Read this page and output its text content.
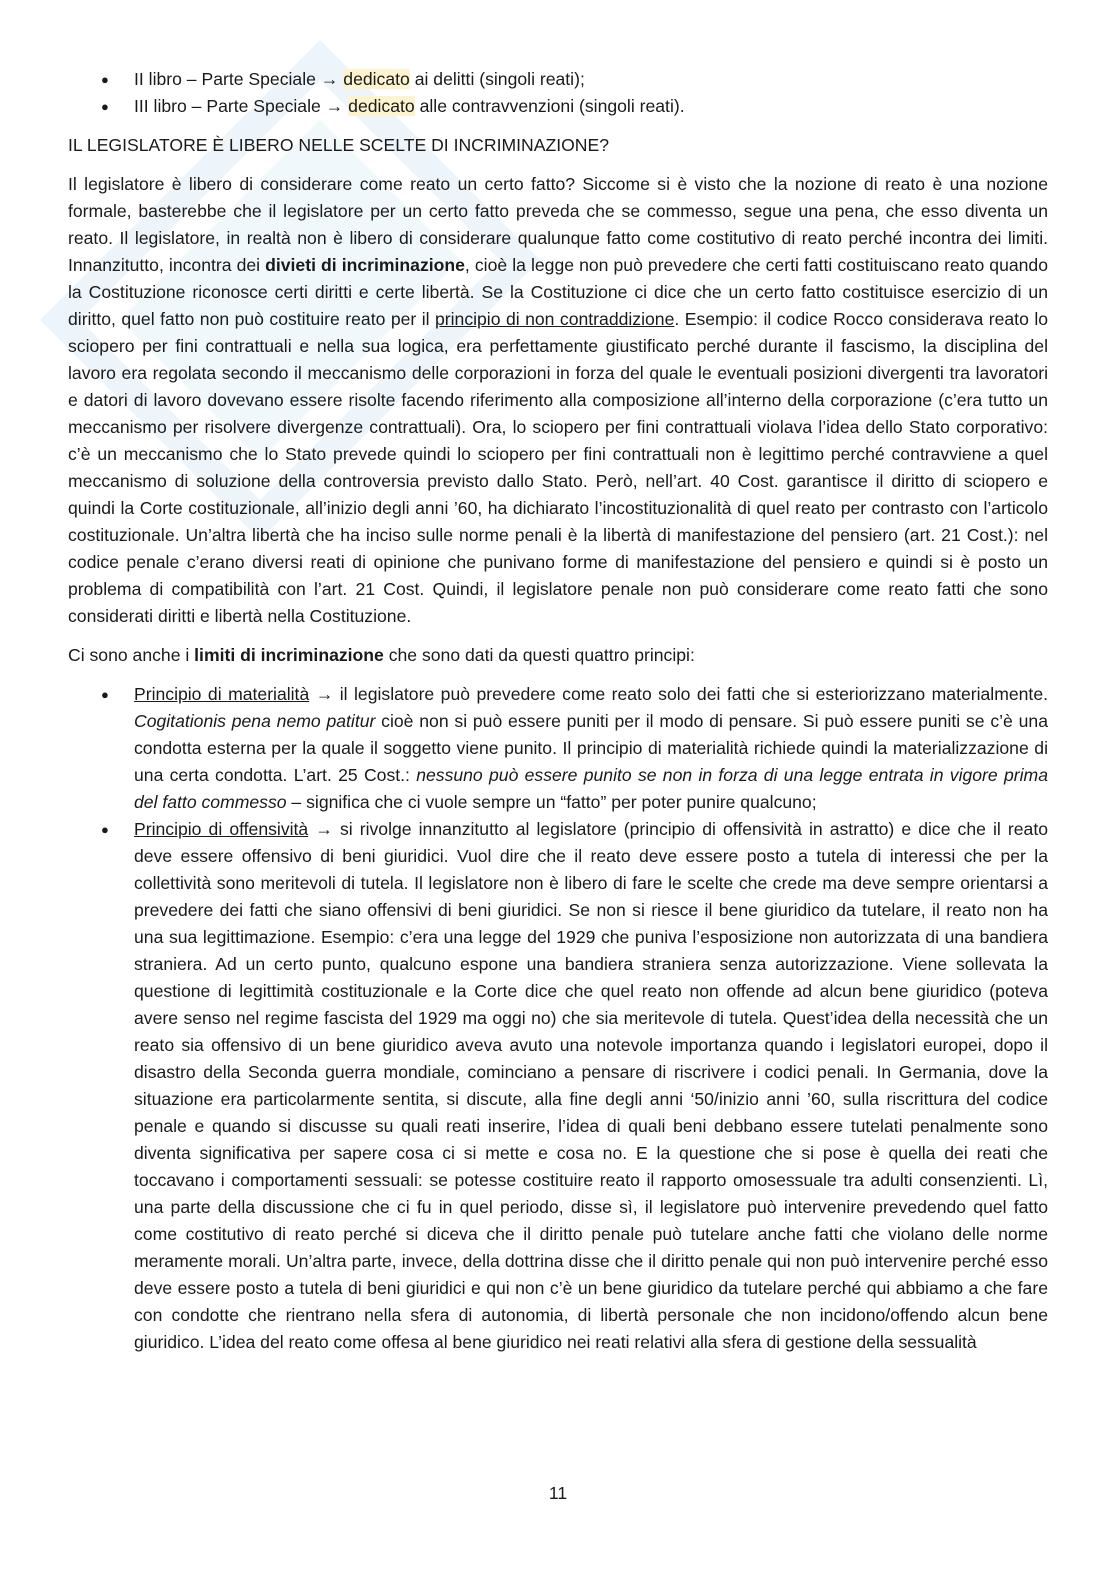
● II libro – Parte Speciale → dedicato ai delitti (singoli reati);
● III libro – Parte Speciale → dedicato alle contravvenzioni (singoli reati).

IL LEGISLATORE È LIBERO NELLE SCELTE DI INCRIMINAZIONE?

Il legislatore è libero di considerare come reato un certo fatto? Siccome si è visto che la nozione di reato è una nozione formale, basterebbe che il legislatore per un certo fatto preveda che se commesso, segue una pena, che esso diventa un reato. Il legislatore, in realtà non è libero di considerare qualunque fatto come costitutivo di reato perché incontra dei limiti. Innanzitutto, incontra dei divieti di incriminazione, cioè la legge non può prevedere che certi fatti costituiscano reato quando la Costituzione riconosce certi diritti e certe libertà. Se la Costituzione ci dice che un certo fatto costituisce esercizio di un diritto, quel fatto non può costituire reato per il principio di non contraddizione. Esempio: il codice Rocco considerava reato lo sciopero per fini contrattuali e nella sua logica, era perfettamente giustificato perché durante il fascismo, la disciplina del lavoro era regolata secondo il meccanismo delle corporazioni in forza del quale le eventuali posizioni divergenti tra lavoratori e datori di lavoro dovevano essere risolte facendo riferimento alla composizione all’interno della corporazione (c’era tutto un meccanismo per risolvere divergenze contrattuali). Ora, lo sciopero per fini contrattuali violava l’idea dello Stato corporativo: c’è un meccanismo che lo Stato prevede quindi lo sciopero per fini contrattuali non è legittimo perché contravviene a quel meccanismo di soluzione della controversia previsto dallo Stato. Però, nell’art. 40 Cost. garantisce il diritto di sciopero e quindi la Corte costituzionale, all’inizio degli anni ’60, ha dichiarato l’incostituzionalità di quel reato per contrasto con l’articolo costituzionale. Un’altra libertà che ha inciso sulle norme penali è la libertà di manifestazione del pensiero (art. 21 Cost.): nel codice penale c’erano diversi reati di opinione che punivano forme di manifestazione del pensiero e quindi si è posto un problema di compatibilità con l’art. 21 Cost. Quindi, il legislatore penale non può considerare come reato fatti che sono considerati diritti e libertà nella Costituzione.

Ci sono anche i limiti di incriminazione che sono dati da questi quattro principi:

● Principio di materialità → il legislatore può prevedere come reato solo dei fatti che si esteriorizzano materialmente. Cogitationis pena nemo patitur cioè non si può essere puniti per il modo di pensare. Si può essere puniti se c’è una condotta esterna per la quale il soggetto viene punito. Il principio di materialità richiede quindi la materializzazione di una certa condotta. L’art. 25 Cost.: nessuno può essere punito se non in forza di una legge entrata in vigore prima del fatto commesso – significa che ci vuole sempre un “fatto” per poter punire qualcuno;

● Principio di offensività → si rivolge innanzitutto al legislatore (principio di offensività in astratto) e dice che il reato deve essere offensivo di beni giuridici. Vuol dire che il reato deve essere posto a tutela di interessi che per la collettività sono meritevoli di tutela. Il legislatore non è libero di fare le scelte che crede ma deve sempre orientarsi a prevedere dei fatti che siano offensivi di beni giuridici. Se non si riesce il bene giuridico da tutelare, il reato non ha una sua legittimazione. Esempio: c’era una legge del 1929 che puniva l’esposizione non autorizzata di una bandiera straniera. Ad un certo punto, qualcuno espone una bandiera straniera senza autorizzazione. Viene sollevata la questione di legittimità costituzionale e la Corte dice che quel reato non offende ad alcun bene giuridico (poteva avere senso nel regime fascista del 1929 ma oggi no) che sia meritevole di tutela. Quest’idea della necessità che un reato sia offensivo di un bene giuridico aveva avuto una notevole importanza quando i legislatori europei, dopo il disastro della Seconda guerra mondiale, cominciano a pensare di riscrivere i codici penali. In Germania, dove la situazione era particolarmente sentita, si discute, alla fine degli anni ‘50/inizio anni ’60, sulla riscrittura del codice penale e quando si discusse su quali reati inserire, l’idea di quali beni debbano essere tutelati penalmente sono diventa significativa per sapere cosa ci si mette e cosa no. E la questione che si pose è quella dei reati che toccavano i comportamenti sessuali: se potesse costituire reato il rapporto omosessuale tra adulti consenzienti. Lì, una parte della discussione che ci fu in quel periodo, disse sì, il legislatore può intervenire prevedendo quel fatto come costitutivo di reato perché si diceva che il diritto penale può tutelare anche fatti che violano delle norme meramente morali. Un’altra parte, invece, della dottrina disse che il diritto penale qui non può intervenire perché esso deve essere posto a tutela di beni giuridici e qui non c’è un bene giuridico da tutelare perché qui abbiamo a che fare con condotte che rientrano nella sfera di autonomia, di libertà personale che non incidono/offendo alcun bene giuridico. L’idea del reato come offesa al bene giuridico nei reati relativi alla sfera di gestione della sessualità

11
